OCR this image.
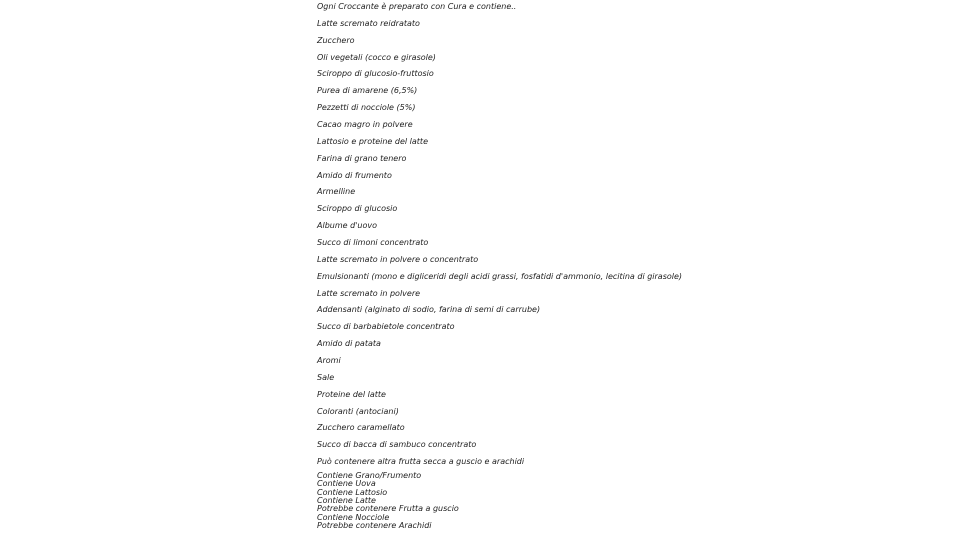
Ogni Croccante è preparato con Cura e contiene..
Latte scremato reidratato
Zucchero
Oli vegetali (cocco e girasole)
Sciroppo di glucosio-fruttosio
Purea di amarene (6,5%)
Pezzetti di nocciole (5%)
Cacao magro in polvere
Lattosio e proteine del latte
Farina di grano tenero
Amido di frumento
Armelline
Sciroppo di glucosio
Albume d'uovo
Succo di limoni concentrato
Latte scremato in polvere o concentrato
Emulsionanti (mono e digliceridi degli acidi grassi, fosfatidi d'ammonio, lecitina di girasole)
Latte scremato in polvere
Addensanti (alginato di sodio, farina di semi di carrube)
Succo di barbabietole concentrato
Amido di patata
Aromi
Sale
Proteine del latte
Coloranti (antociani)
Zucchero caramellato
Succo di bacca di sambuco concentrato
Può contenere altra frutta secca a guscio e arachidi
Contiene Grano/Frumento
Contiene Uova
Contiene Lattosio
Contiene Latte
Potrebbe contenere Frutta a guscio
Contiene Nocciole
Potrebbe contenere Arachidi
